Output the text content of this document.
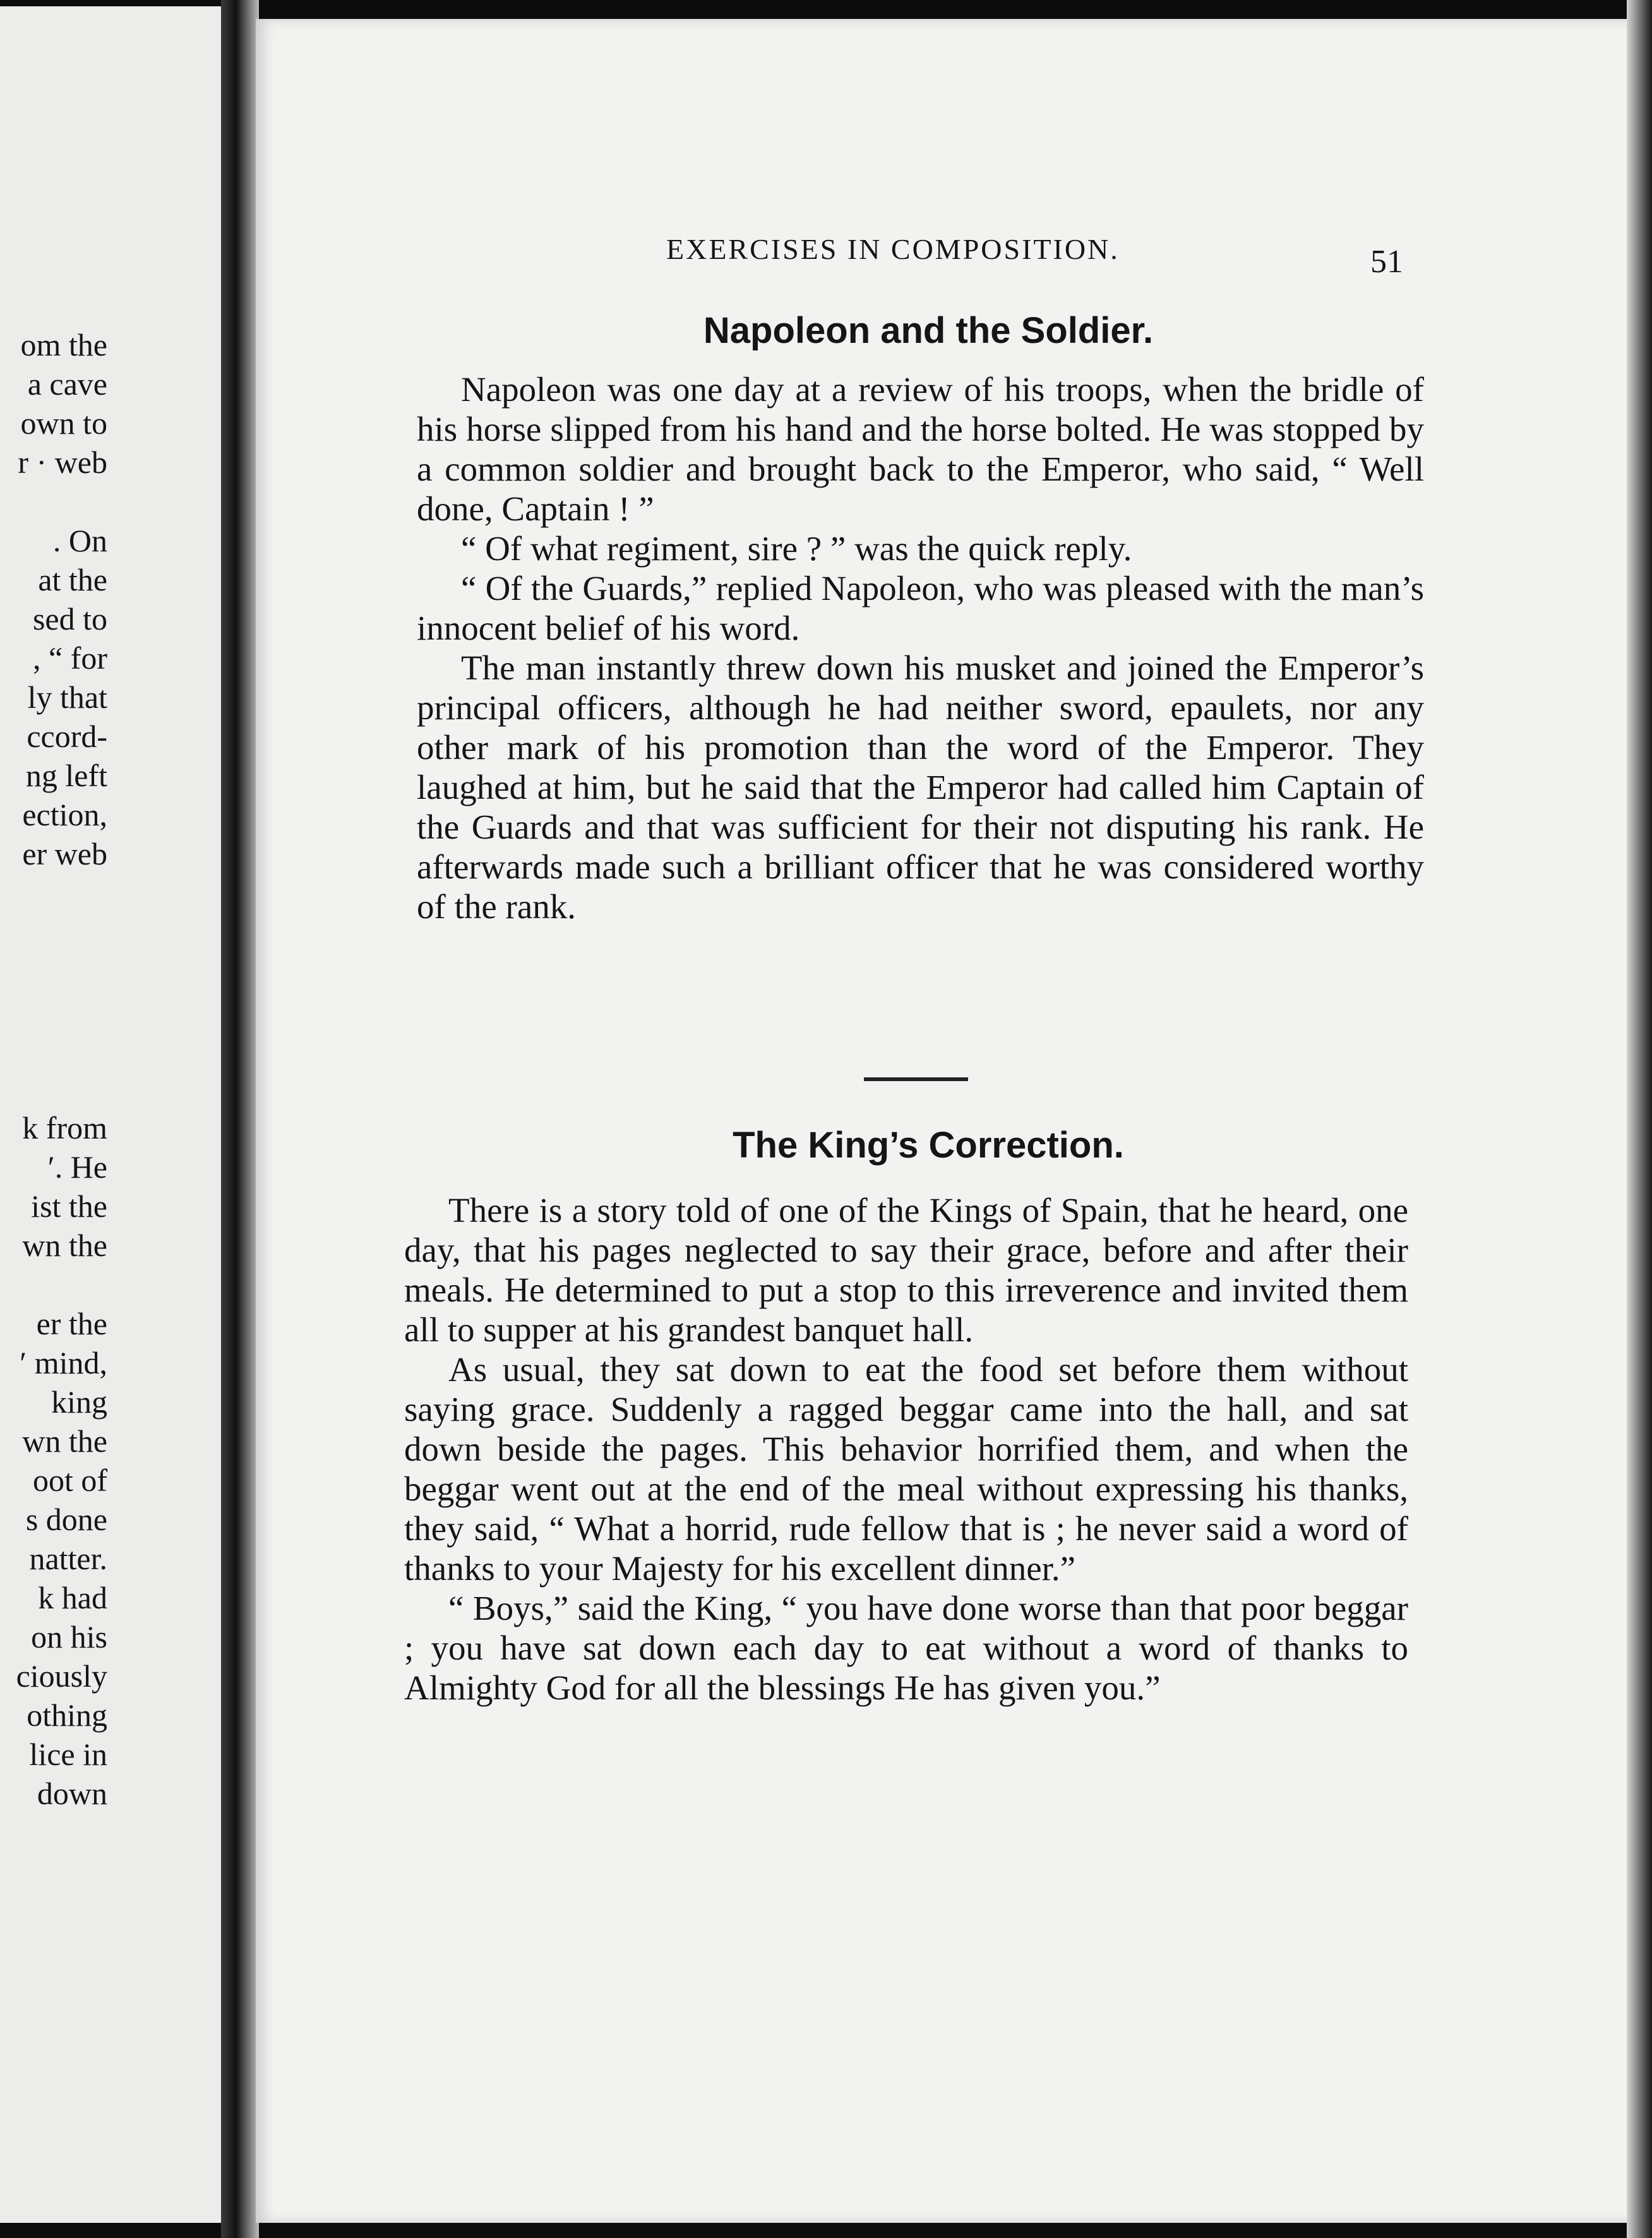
om the
a cave
own to
r · web
. On
at the
sed to
, “ for
ly that
ccord-
ng left
ection,
er web
k from
′. He
ist the
wn the
er the
′ mind,
king
wn the
oot of
s done
natter.
k had
on his
ciously
othing
lice in
down
EXERCISES IN COMPOSITION.	51
Napoleon and the Soldier.

Napoleon was one day at a review of his troops, when the bridle of his horse slipped from his hand and the horse bolted. He was stopped by a common soldier and brought back to the Emperor, who said, “ Well done, Captain ! ”

“ Of what regiment, sire ? ” was the quick reply.

“ Of the Guards,” replied Napoleon, who was pleased with the man’s innocent belief of his word.

The man instantly threw down his musket and joined the Emperor’s principal officers, although he had neither sword, epaulets, nor any other mark of his promotion than the word of the Emperor. They laughed at him, but he said that the Emperor had called him Captain of the Guards and that was sufficient for their not disputing his rank. He afterwards made such a brilliant officer that he was considered worthy of the rank.

The King’s Correction.

There is a story told of one of the Kings of Spain, that he heard, one day, that his pages neglected to say their grace, before and after their meals. He determined to put a stop to this irreverence and invited them all to supper at his grandest banquet hall.

As usual, they sat down to eat the food set before them without saying grace. Suddenly a ragged beggar came into the hall, and sat down beside the pages. This behavior horrified them, and when the beggar went out at the end of the meal without expressing his thanks, they said, “ What a horrid, rude fellow that is ; he never said a word of thanks to your Majesty for his excellent dinner.”

“ Boys,” said the King, “ you have done worse than that poor beggar ; you have sat down each day to eat without a word of thanks to Almighty God for all the blessings He has given you.”
